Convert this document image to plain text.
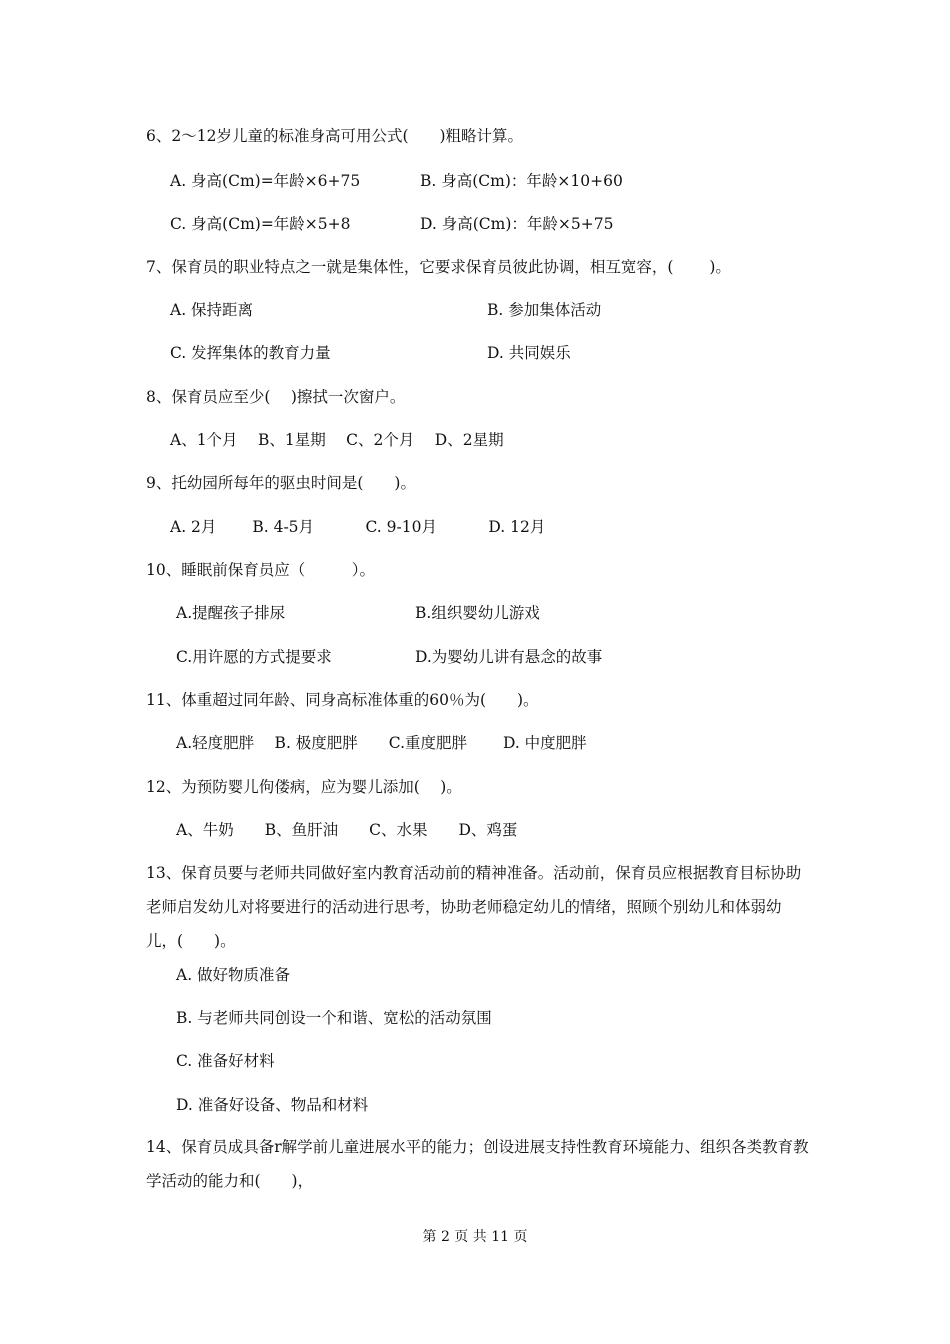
6、2～12岁儿童的标准身高可用公式(　　)粗略计算。
A. 身高(Cm)=年龄×6+75	B. 身高(Cm)：年龄×10+60
C. 身高(Cm)=年龄×5+8	D. 身高(Cm)：年龄×5+75
7、保育员的职业特点之一就是集体性，它要求保育员彼此协调，相互宽容，(　　 )。
A. 保持距离	B. 参加集体活动
C. 发挥集体的教育力量	D. 共同娱乐
8、保育员应至少(　 )擦拭一次窗户。
A、1个月　 B、1星期　 C、2个月　 D、2星期
9、托幼园所每年的驱虫时间是(　　)。
A. 2月　　 B. 4-5月　　　 C. 9-10月　　　 D. 12月
10、睡眠前保育员应（　　　）。
A.提醒孩子排尿	B.组织婴幼儿游戏
C.用许愿的方式提要求	D.为婴幼儿讲有悬念的故事
11、体重超过同年龄、同身高标准体重的60％为(　　)。
A.轻度肥胖　 B. 极度肥胖　　C.重度肥胖　　 D. 中度肥胖
12、为预防婴儿佝偻病，应为婴儿添加(　 )。
A、牛奶　　B、鱼肝油　　C、水果　　D、鸡蛋
13、保育员要与老师共同做好室内教育活动前的精神准备。活动前，保育员应根据教育目标协助老师启发幼儿对将要进行的活动进行思考，协助老师稳定幼儿的情绪，照顾个别幼儿和体弱幼儿，(　　)。
A. 做好物质准备
B. 与老师共同创设一个和谐、宽松的活动氛围
C. 准备好材料
D. 准备好设备、物品和材料
14、保育员成具备r解学前儿童进展水平的能力；创设进展支持性教育环境能力、组织各类教育教学活动的能力和(　　)，
第 2 页 共 11 页
